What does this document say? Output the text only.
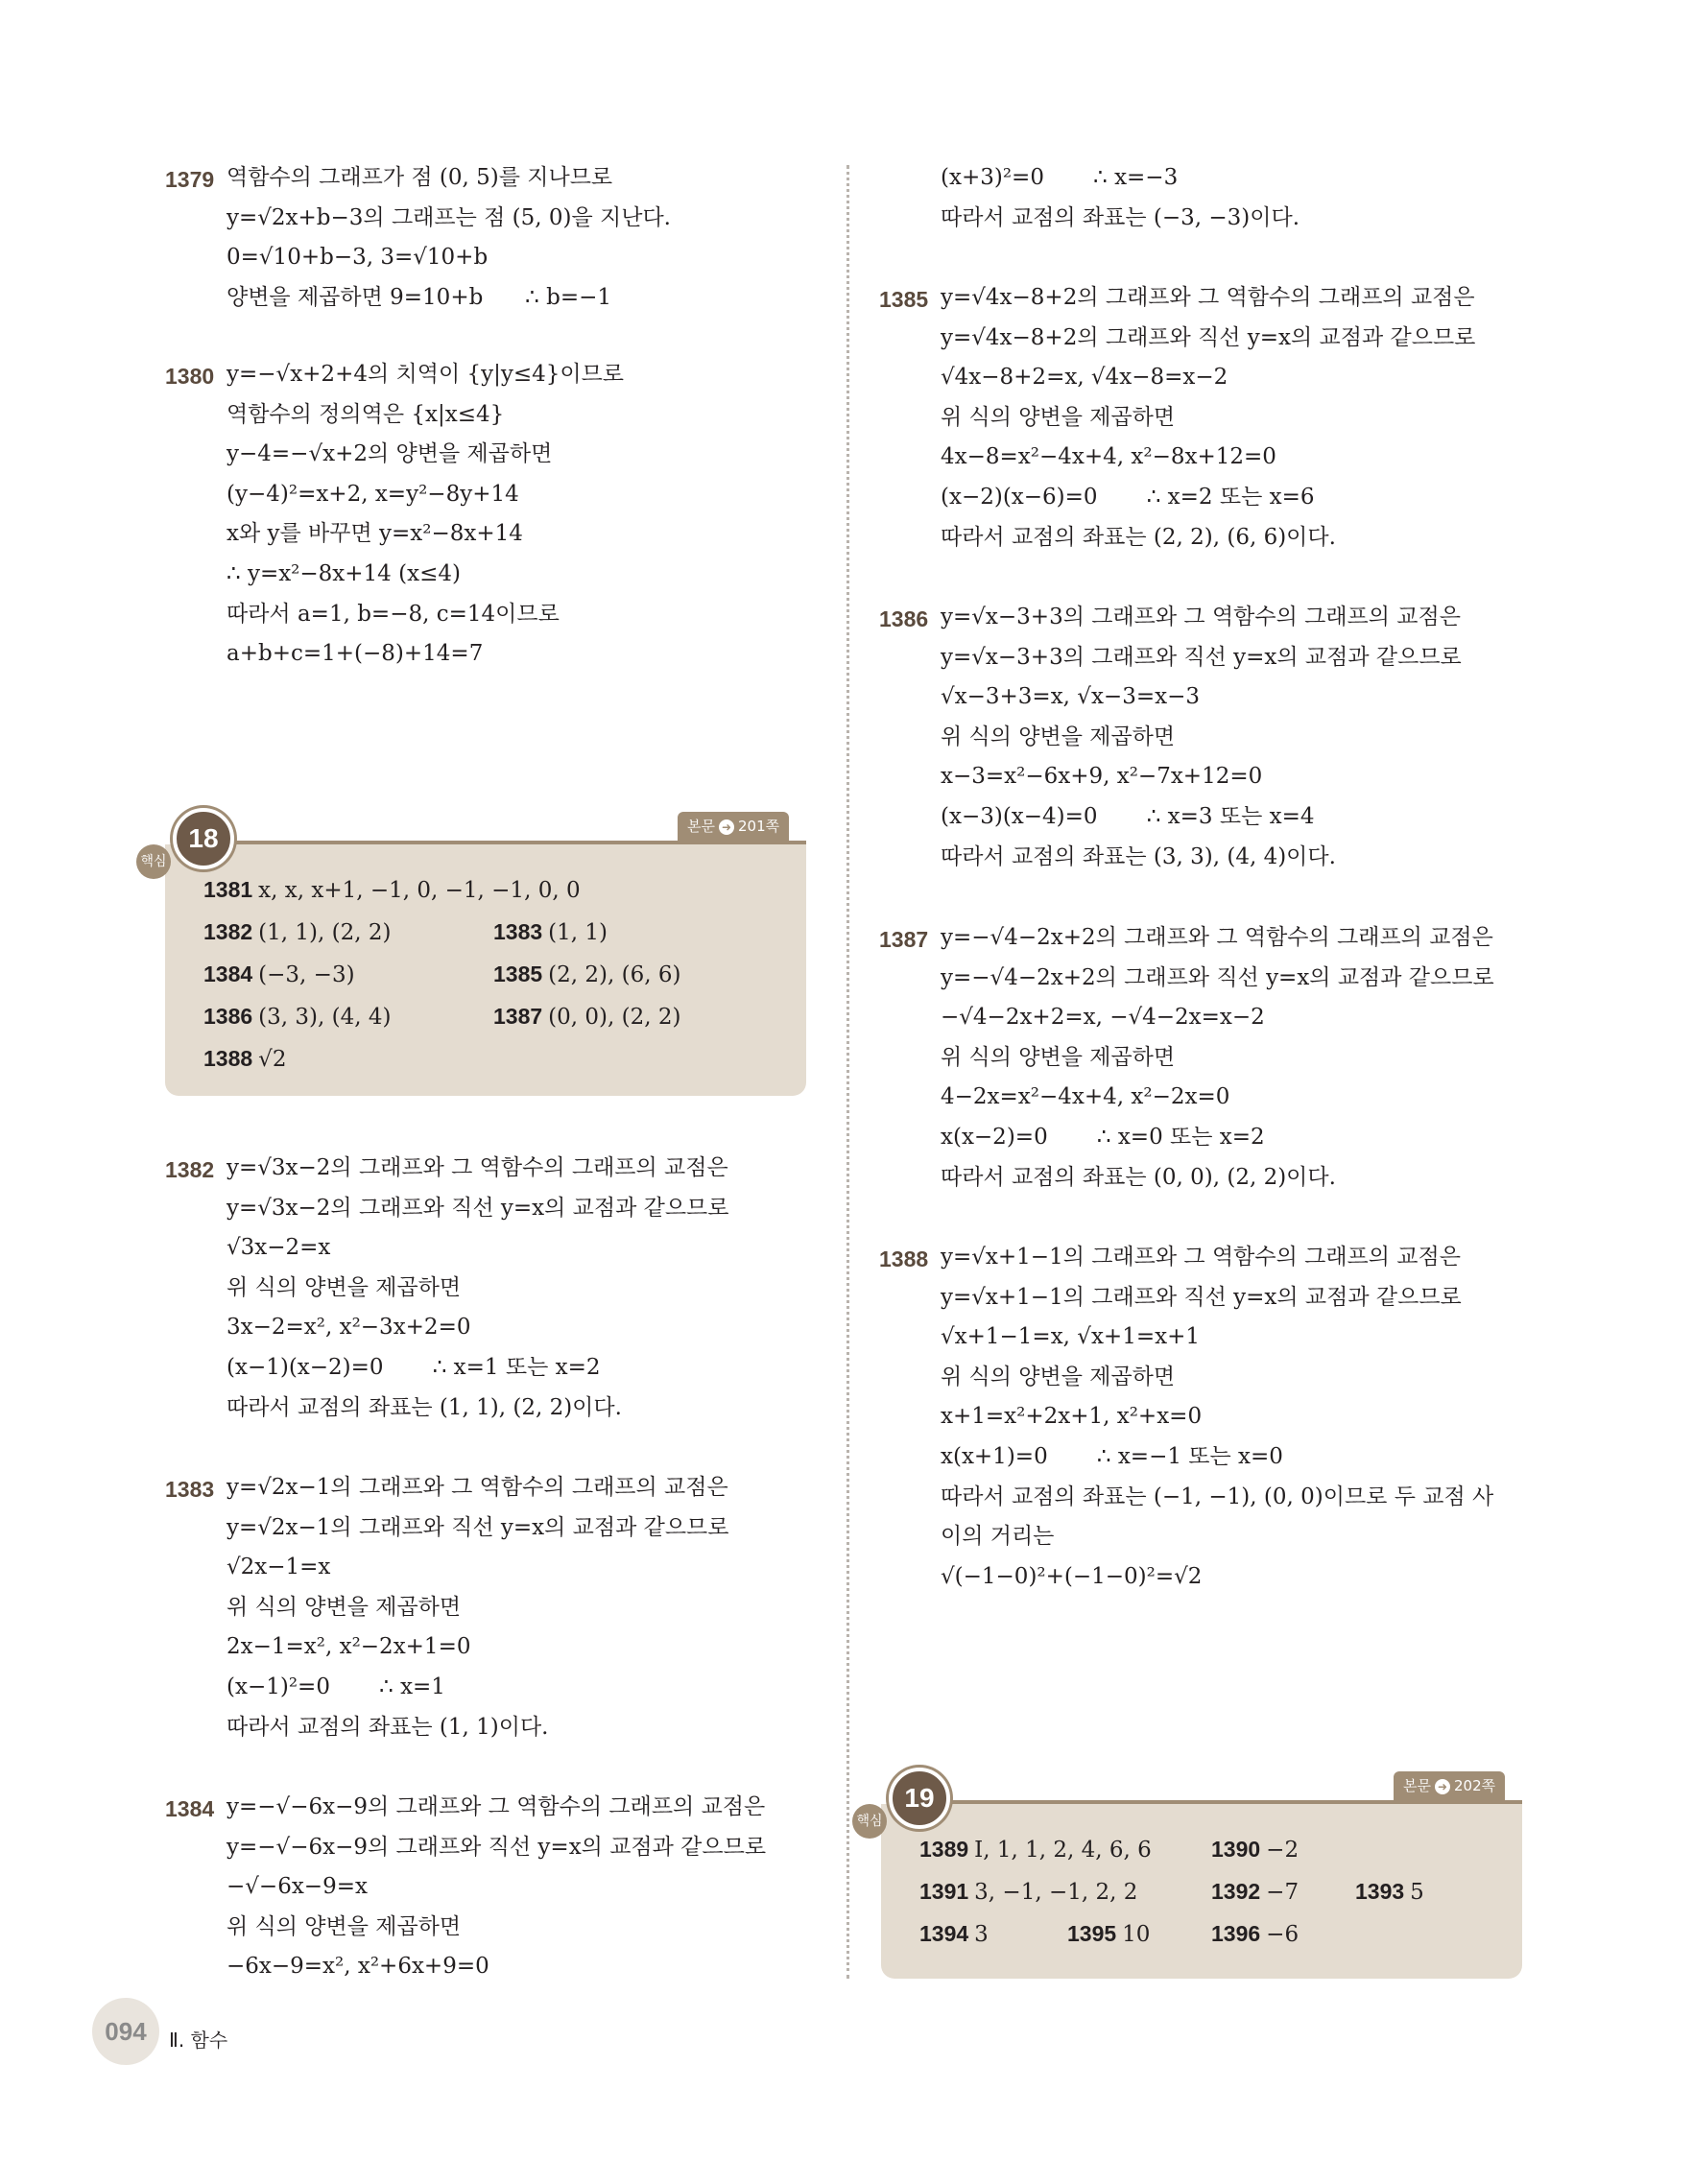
1379 역함수의 그래프가 점 (0, 5)를 지나므로
y=√2x+b−3의 그래프는 점 (5, 0)을 지난다.
0=√10+b−3, 3=√10+b
양변을 제곱하면 9=10+b      ∴ b=−1
1380 y=−√x+2+4의 치역이 {y|y≤4}이므로
역함수의 정의역은 {x|x≤4}
y−4=−√x+2의 양변을 제곱하면
(y−4)²=x+2, x=y²−8y+14
x와 y를 바꾸면 y=x²−8x+14
∴ y=x²−8x+14 (x≤4)
따라서 a=1, b=−8, c=14이므로
a+b+c=1+(−8)+14=7
1382 y=√3x−2의 그래프와 그 역함수의 그래프의 교점은
y=√3x−2의 그래프와 직선 y=x의 교점과 같으므로
√3x−2=x
위 식의 양변을 제곱하면
3x−2=x², x²−3x+2=0
(x−1)(x−2)=0       ∴ x=1 또는 x=2
따라서 교점의 좌표는 (1, 1), (2, 2)이다.
1383 y=√2x−1의 그래프와 그 역함수의 그래프의 교점은
y=√2x−1의 그래프와 직선 y=x의 교점과 같으므로
√2x−1=x
위 식의 양변을 제곱하면
2x−1=x², x²−2x+1=0
(x−1)²=0       ∴ x=1
따라서 교점의 좌표는 (1, 1)이다.
1384 y=−√−6x−9의 그래프와 그 역함수의 그래프의 교점은
y=−√−6x−9의 그래프와 직선 y=x의 교점과 같으므로
−√−6x−9=x
위 식의 양변을 제곱하면
−6x−9=x², x²+6x+9=0
(x+3)²=0       ∴ x=−3
따라서 교점의 좌표는 (−3, −3)이다.
1385 y=√4x−8+2의 그래프와 그 역함수의 그래프의 교점은
y=√4x−8+2의 그래프와 직선 y=x의 교점과 같으므로
√4x−8+2=x, √4x−8=x−2
위 식의 양변을 제곱하면
4x−8=x²−4x+4, x²−8x+12=0
(x−2)(x−6)=0       ∴ x=2 또는 x=6
따라서 교점의 좌표는 (2, 2), (6, 6)이다.
1386 y=√x−3+3의 그래프와 그 역함수의 그래프의 교점은
y=√x−3+3의 그래프와 직선 y=x의 교점과 같으므로
√x−3+3=x, √x−3=x−3
위 식의 양변을 제곱하면
x−3=x²−6x+9, x²−7x+12=0
(x−3)(x−4)=0       ∴ x=3 또는 x=4
따라서 교점의 좌표는 (3, 3), (4, 4)이다.
1387 y=−√4−2x+2의 그래프와 그 역함수의 그래프의 교점은
y=−√4−2x+2의 그래프와 직선 y=x의 교점과 같으므로
−√4−2x+2=x, −√4−2x=x−2
위 식의 양변을 제곱하면
4−2x=x²−4x+4, x²−2x=0
x(x−2)=0       ∴ x=0 또는 x=2
따라서 교점의 좌표는 (0, 0), (2, 2)이다.
1388 y=√x+1−1의 그래프와 그 역함수의 그래프의 교점은
y=√x+1−1의 그래프와 직선 y=x의 교점과 같으므로
√x+1−1=x, √x+1=x+1
위 식의 양변을 제곱하면
x+1=x²+2x+1, x²+x=0
x(x+1)=0       ∴ x=−1 또는 x=0
따라서 교점의 좌표는 (−1, −1), (0, 0)이므로 두 교점 사
이의 거리는
√(−1−0)²+(−1−0)²=√2
1381 x, x, x+1, −1, 0, −1, −1, 0, 0
1382 (1, 1), (2, 2)	1383 (1, 1)
1384 (−3, −3)	1385 (2, 2), (6, 6)
1386 (3, 3), (4, 4)	1387 (0, 0), (2, 2)
1388 √2
18
핵심
본문 ➜ 201쪽
1389 I, 1, 1, 2, 4, 6, 6	1390 −2
1391 3, −1, −1, 2, 2	1392 −7	1393 5
1394 3	1395 10	1396 −6
19
핵심
본문 ➜ 202쪽
094	Ⅱ. 함수
